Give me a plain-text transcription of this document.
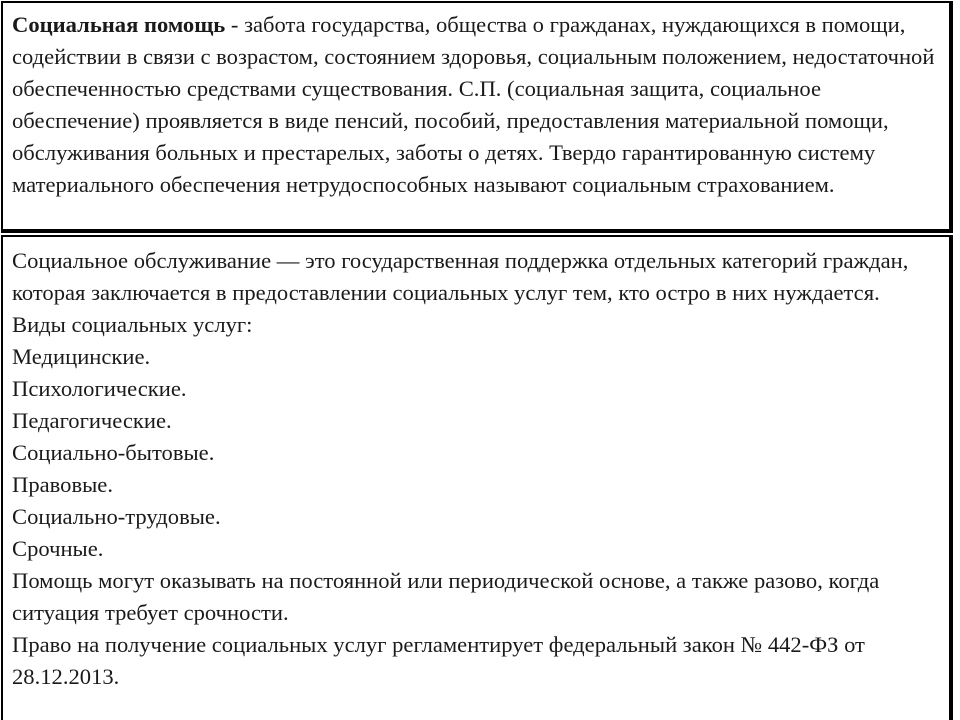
Социальная помощь - забота государства, общества о гражданах, нуждающихся в помощи, содействии в связи с возрастом, состоянием здоровья, социальным положением, недостаточной обеспеченностью средствами существования. С.П. (социальная защита, социальное обеспечение) проявляется в виде пенсий, пособий, предоставления материальной помощи, обслуживания больных и престарелых, заботы о детях. Твердо гарантированную систему материального обеспечения нетрудоспособных называют социальным страхованием.

Социальное обслуживание — это государственная поддержка отдельных категорий граждан, которая заключается в предоставлении социальных услуг тем, кто остро в них нуждается.

Виды социальных услуг:

Медицинские.

Психологические.

Педагогические.

Социально-бытовые.

Правовые.

Социально-трудовые.

Срочные.

Помощь могут оказывать на постоянной или периодической основе, а также разово, когда ситуация требует срочности.

Право на получение социальных услуг регламентирует федеральный закон № 442-ФЗ от 28.12.2013.
